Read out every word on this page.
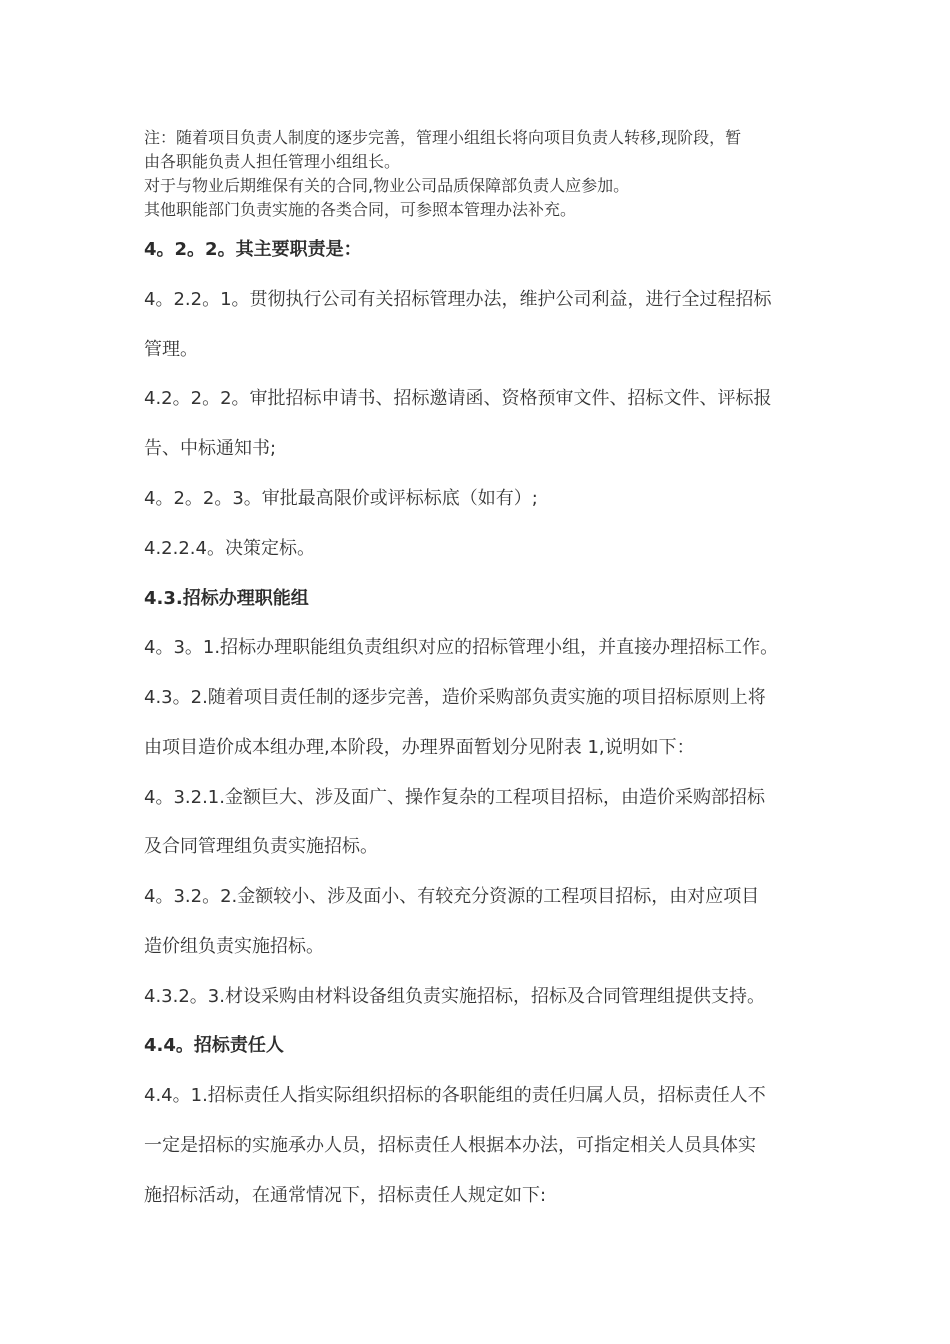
注：随着项目负责人制度的逐步完善，管理小组组长将向项目负责人转移,现阶段，暂
由各职能负责人担任管理小组组长。
对于与物业后期维保有关的合同,物业公司品质保障部负责人应参加。
其他职能部门负责实施的各类合同，可参照本管理办法补充。
4。2。2。其主要职责是：
4。2.2。1。贯彻执行公司有关招标管理办法，维护公司利益，进行全过程招标
管理。
4.2。2。2。审批招标申请书、招标邀请函、资格预审文件、招标文件、评标报
告、中标通知书;
4。2。2。3。审批最高限价或评标标底（如有）;
4.2.2.4。决策定标。
4.3.招标办理职能组
4。3。1.招标办理职能组负责组织对应的招标管理小组，并直接办理招标工作。
4.3。2.随着项目责任制的逐步完善，造价采购部负责实施的项目招标原则上将
由项目造价成本组办理,本阶段，办理界面暂划分见附表 1,说明如下：
4。3.2.1.金额巨大、涉及面广、操作复杂的工程项目招标，由造价采购部招标
及合同管理组负责实施招标。
4。3.2。2.金额较小、涉及面小、有较充分资源的工程项目招标，由对应项目
造价组负责实施招标。
4.3.2。3.材设采购由材料设备组负责实施招标，招标及合同管理组提供支持。
4.4。招标责任人
4.4。1.招标责任人指实际组织招标的各职能组的责任归属人员，招标责任人不
一定是招标的实施承办人员，招标责任人根据本办法，可指定相关人员具体实
施招标活动，在通常情况下，招标责任人规定如下:
